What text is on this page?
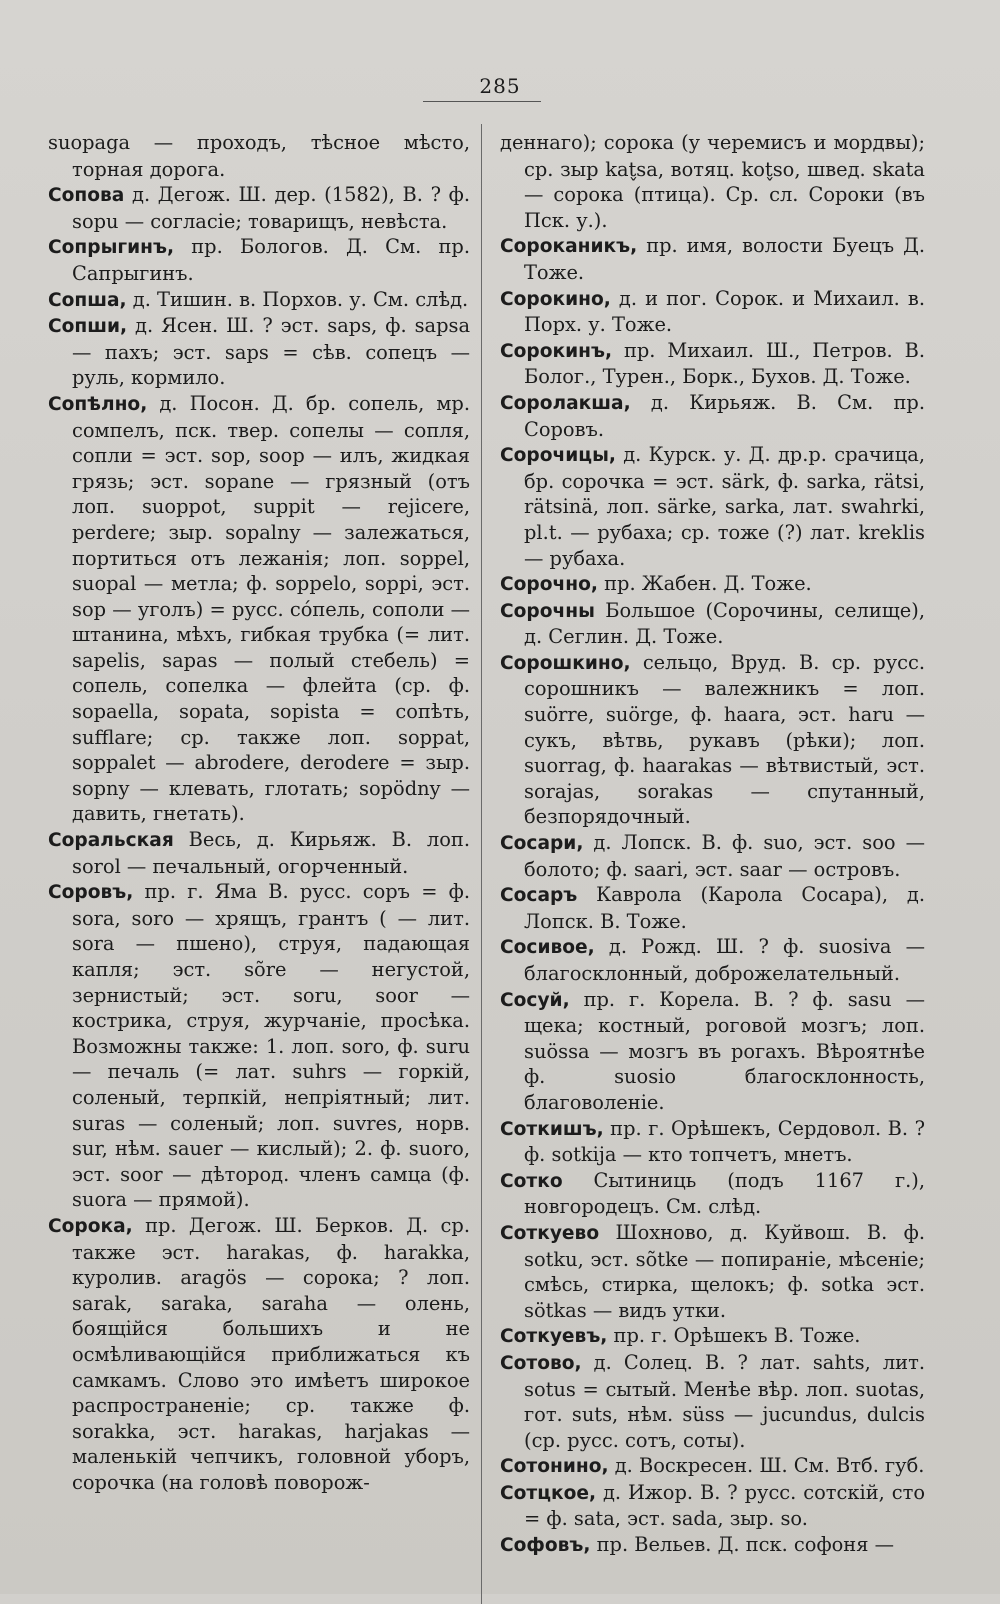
285

suopaga — проходъ, тѣсное мѣсто, торная дорога.

Сопова д. Дегож. Ш. дер. (1582), В. ? ф. sopu — согласіе; товарищъ, невѣста.

Сопрыгинъ, пр. Бологов. Д. См. пр. Сапрыгинъ.

Сопша, д. Тишин. в. Порхов. у. См. слѣд.

Сопши, д. Ясен. Ш. ? эст. saps, ф. sapsa — пахъ; эст. saps = сѣв. сопецъ — руль, кормило.

Сопѣлно, д. Посон. Д. бр. сопель, мр. сомпелъ, пск. твер. сопелы — сопля, сопли = эст. sop, soop — илъ, жидкая грязь; эст. sopane — грязный (отъ лоп. suoppot, suppit — rejicere, perdere; зыр. sopalny — залежаться, портиться отъ лежанія; лоп. soppel, suopal — метла; ф. soppelo, soppi, эст. sop — уголъ) = русс. сóпель, сополи — штанина, мѣхъ, гибкая трубка (= лит. sapelis, sapas — полый стебель) = сопель, сопелка — флейта (ср. ф. sopaella, sopata, sopista = сопѣть, sufflare; ср. также лоп. soppat, soppalet — abrodere, derodere = зыр. sopny — клевать, глотать; sopödny — давить, гнетать).

Соральская Весь, д. Кирьяж. В. лоп. sorol — печальный, огорченный.

Соровъ, пр. г. Яма В. русс. соръ = ф. sora, soro — хрящъ, грантъ ( — лит. sora — пшено), струя, падающая капля; эст. sõre — негустой, зернистый; эст. soru, soor — кострика, струя, журчаніе, просѣка. Возможны также: 1. лоп. soro, ф. suru — печаль (= лат. suhrs — горкій, соленый, терпкій, непріятный; лит. suras — соленый; лоп. suvres, норв. sur, нѣм. sauer — кислый); 2. ф. suoro, эст. soor — дѣтород. членъ самца (ф. suora — прямой).

Сорока, пр. Дегож. Ш. Берков. Д. ср. также эст. harakas, ф. harakka, куролив. aragös — сорока; ? лоп. sarak, saraka, saraha — олень, боящійся большихъ и не осмѣливающійся приближаться къ самкамъ. Слово это имѣетъ широкое распространеніе; ср. также ф. sorakka, эст. harakas, harjakas — маленькій чепчикъ, головной уборъ, сорочка (на головѣ поворож-

деннаго); сорока (у черемисъ и мордвы); ср. зыр kat̬sa, вотяц. kot̬so, швед. skata — сорока (птица). Ср. сл. Сороки (въ Пск. у.).

Сороканикъ, пр. имя, волости Буецъ Д. Тоже.

Сорокино, д. и пог. Сорок. и Михаил. в. Порх. у. Тоже.

Сорокинъ, пр. Михаил. Ш., Петров. В. Болог., Турен., Борк., Бухов. Д. Тоже.

Соролакша, д. Кирьяж. В. См. пр. Соровъ.

Сорочицы, д. Курск. у. Д. др.р. срачица, бр. сорочка = эст. särk, ф. sarka, rätsi, rätsinä, лоп. särke, sarka, лат. swahrki, pl.t. — рубаха; ср. тоже (?) лат. kreklis — рубаха.

Сорочно, пр. Жабен. Д. Тоже.

Сорочны Большое (Сорочины, селище), д. Сеглин. Д. Тоже.

Сорошкино, сельцо, Вруд. В. ср. русс. сорошникъ — валежникъ = лоп. suörre, suörge, ф. haara, эст. haru — сукъ, вѣтвь, рукавъ (рѣки); лоп. suorrag, ф. haarakas — вѣтвистый, эст. sorajas, sorakas — спутанный, безпорядочный.

Сосари, д. Лопск. В. ф. suo, эст. soo — болото; ф. saari, эст. saar — островъ.

Сосаръ Каврола (Карола Сосара), д. Лопск. В. Тоже.

Сосивое, д. Рожд. Ш. ? ф. suosiva — благосклонный, доброжелательный.

Сосуй, пр. г. Корела. В. ? ф. sasu — щека; костный, роговой мозгъ; лоп. suössa — мозгъ въ рогахъ. Вѣроятнѣе ф. suosio благосклонность, благоволеніе.

Соткишъ, пр. г. Орѣшекъ, Сердовол. В. ? ф. sotkija — кто топчетъ, мнетъ.

Сотко Сытиниць (подъ 1167 г.), новгородецъ. См. слѣд.

Соткуево Шохново, д. Куйвош. В. ф. sotku, эст. sõtke — попираніе, мѣсеніе; смѣсь, стирка, щелокъ; ф. sotka эст. sötkas — видъ утки.

Соткуевъ, пр. г. Орѣшекъ В. Тоже.

Сотово, д. Солец. В. ? лат. sahts, лит. sotus = сытый. Менѣе вѣр. лоп. suotas, гот. suts, нѣм. süss — jucundus, dulcis (ср. русс. сотъ, соты).

Сотонино, д. Воскресен. Ш. См. Втб. губ.

Сотцкое, д. Ижор. В. ? русс. сотскій, сто = ф. sata, эст. sada, зыр. so.

Софовъ, пр. Вельев. Д. пск. софоня —
